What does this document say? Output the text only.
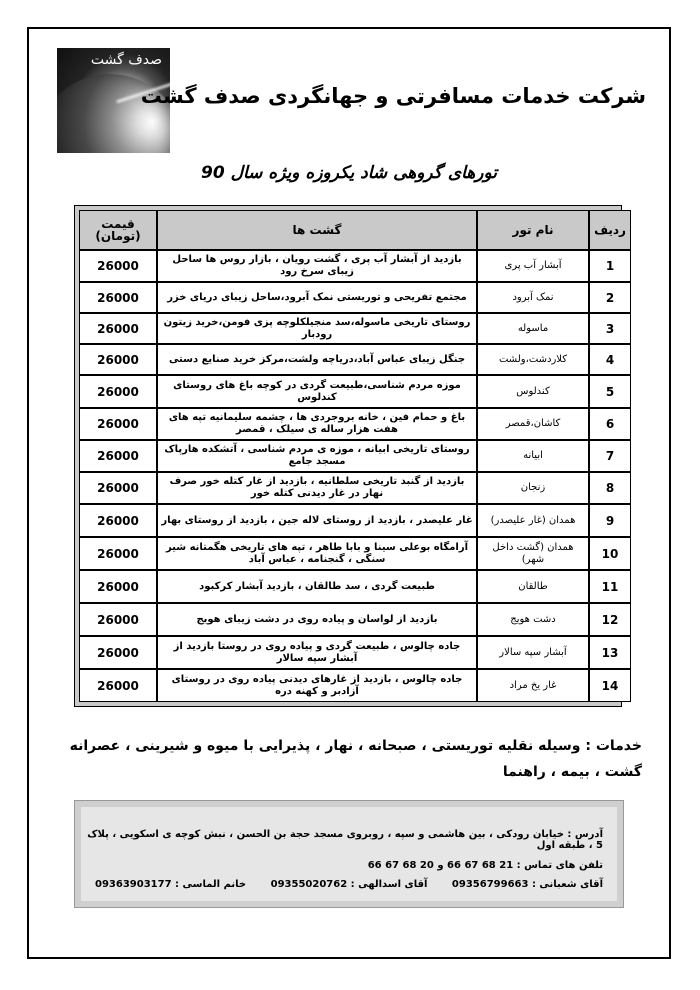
صدف گشت
شرکت خدمات مسافرتی و جهانگردی صدف گشت
تورهای گروهی شاد یکروزه ویژه سال 90
ردیف	نام تور	گشت ها	قیمت (تومان)
1	آبشار آب پری	بازدید از آبشار آب پری ، گشت رویان ، بازار روس ها ساحل زیبای سرخ رود	26000
2	نمک آبرود	مجتمع تفریحی و توریستی نمک آبرود،ساحل زیبای دریای خزر	26000
3	ماسوله	روستای تاریخی ماسوله،سد منجیلکلوچه پزی فومن،خرید زیتون رودبار	26000
4	کلاردشت،ولشت	جنگل زیبای عباس آباد،دریاچه ولشت،مرکز خرید صنایع دستی	26000
5	کندلوس	موزه مردم شناسی،طبیعت گردی در کوچه باغ های روستای کندلوس	26000
6	کاشان،قمصر	باغ و حمام فین ، خانه بروجردی ها ، چشمه سلیمانیه تپه های هفت هزار ساله ی سیلک ، قمصر	26000
7	ابیانه	روستای تاریخی ابیانه ، موزه ی مردم شناسی ، آتشکده هارپاک مسجد جامع	26000
8	زنجان	بازدید از گنبد تاریخی سلطانیه ، بازدید از غار کتله خور صرف نهار در غار دیدنی کتله خور	26000
9	همدان (غار علیصدر)	غار علیصدر ، بازدید از روستای لاله جین ، بازدید از روستای بهار	26000
10	همدان (گشت داخل شهر)	آرامگاه بوعلی سینا و بابا طاهر ، تپه های تاریخی هگمتانه شیر سنگی ، گنجنامه ، عباس آباد	26000
11	طالقان	طبیعت گردی ، سد طالقان ، بازدید آبشار کرکبود	26000
12	دشت هویج	بازدید از لواسان و پیاده روی در دشت زیبای هویج	26000
13	آبشار سپه سالار	جاده چالوس ، طبیعت گردی و پیاده روی در روستا بازدید از آبشار سپه سالار	26000
14	غار یخ مراد	جاده چالوس ، بازدید از غارهای دیدنی پیاده روی در روستای آزادبر و کهنه دره	26000
خدمات : وسیله نقلیه توریستی ، صبحانه ، نهار ، پذیرایی با میوه و شیرینی ، عصرانه گشت ، بیمه ، راهنما
آدرس : خیابان رودکی ، بین هاشمی و سپه ، روبروی مسجد حجة بن الحسن ، نبش کوچه ی اسکویی ، پلاک 5 ، طبقه اول
تلفن های تماس : 21 68 67 66 و 20 68 67 66
آقای شعبانی : 09356799663
آقای اسدالهی : 09355020762
خانم الماسی : 09363903177
